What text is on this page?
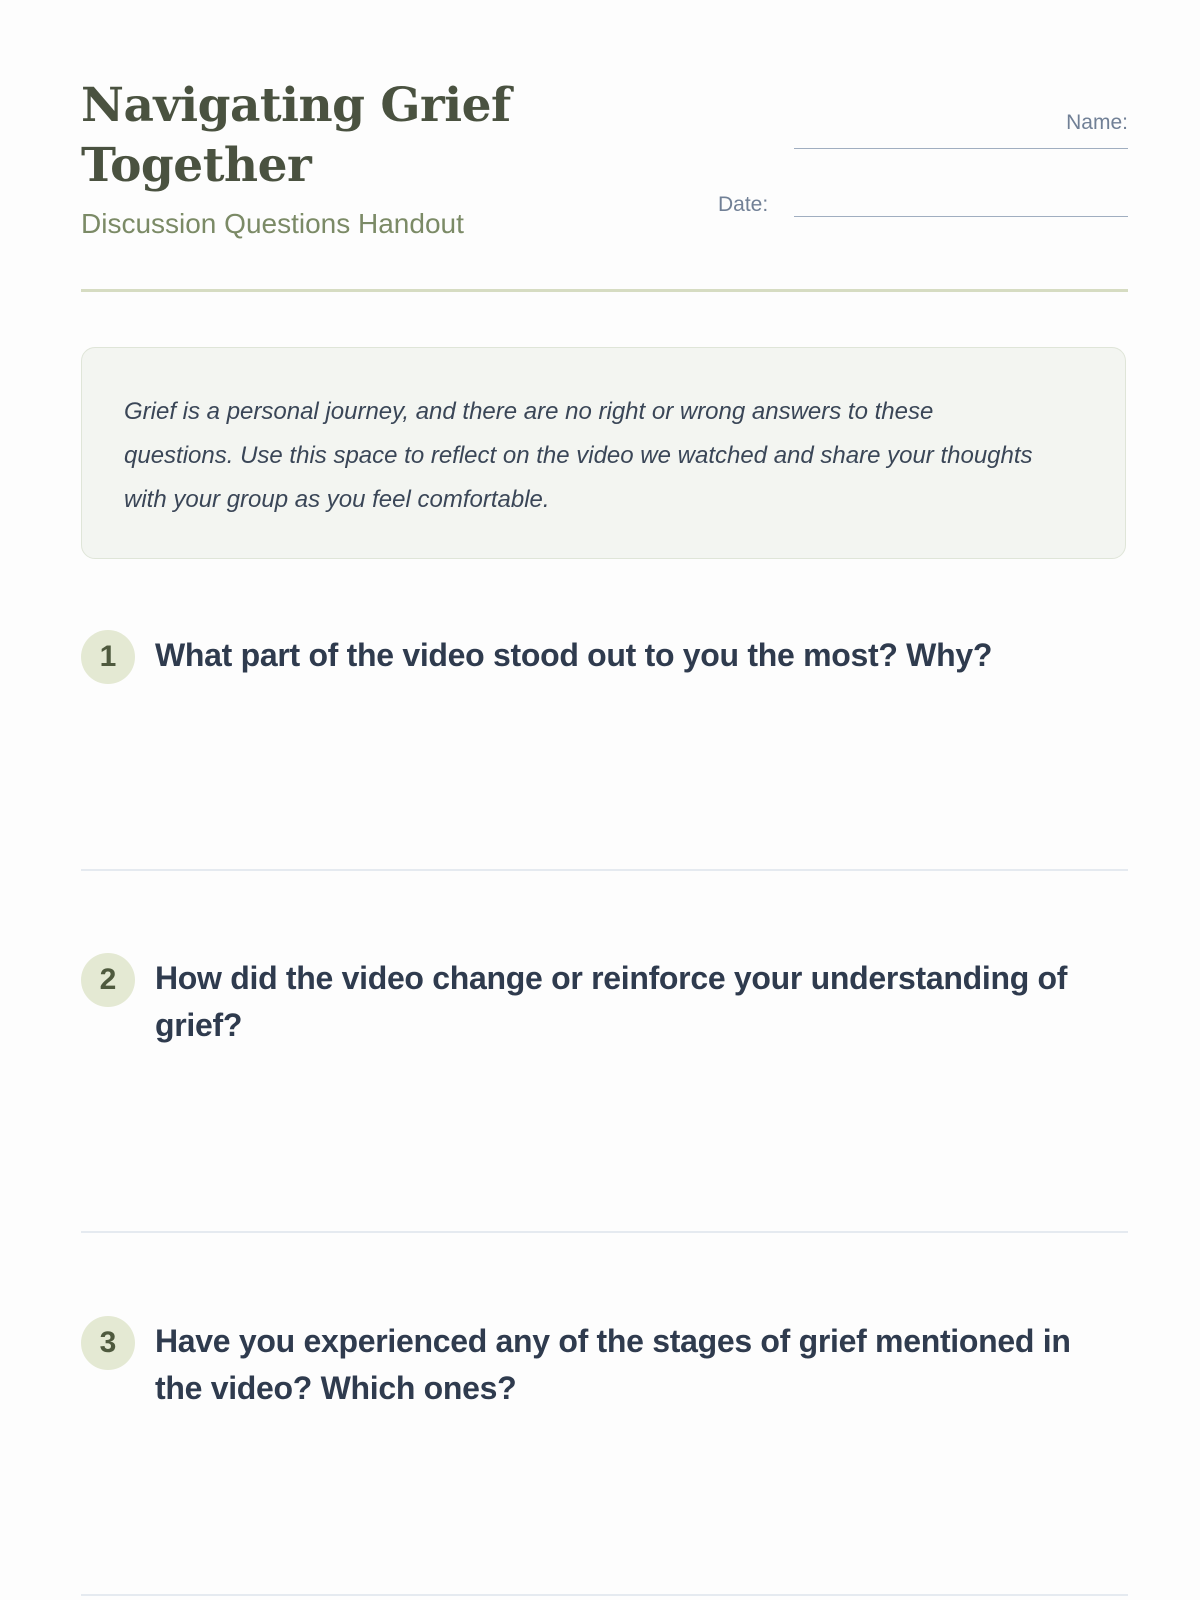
Navigating Grief Together
Discussion Questions Handout
Name:
Date:

Grief is a personal journey, and there are no right or wrong answers to these questions. Use this space to reflect on the video we watched and share your thoughts with your group as you feel comfortable.

1	What part of the video stood out to you the most? Why?
2	How did the video change or reinforce your understanding of grief?
3	Have you experienced any of the stages of grief mentioned in the video? Which ones?
